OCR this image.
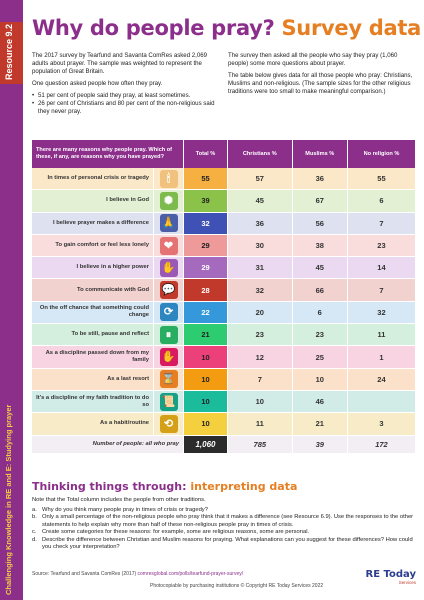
Resource 9.2
Challenging Knowledge in RE and E: Studying prayer
Why do people pray? Survey data

The 2017 survey by Tearfund and Savanta ComRes asked 2,069 adults about prayer. The sample was weighted to represent the population of Great Britain.

One question asked people how often they pray.

• 51 per cent of people said they pray, at least sometimes.
• 26 per cent of Christians and 80 per cent of the non-religious said they never pray.

The survey then asked all the people who say they pray (1,060 people) some more questions about prayer.

The table below gives data for all those people who pray: Christians, Muslims and non-religious. (The sample sizes for the other religious traditions were too small to make meaningful comparison.)

There are many reasons why people pray. Which of these, if any, are reasons why you have prayed?		Total %	Christians %	Muslims %	No religion %
In times of personal crisis or tragedy	🕯	55	57	36	55
I believe in God	✺	39	45	67	6
I believe prayer makes a difference	🙏	32	36	56	7
To gain comfort or feel less lonely	❤	29	30	38	23
I believe in a higher power	✋	29	31	45	14
To communicate with God	💬	28	32	66	7
On the off chance that something could change	⟳	22	20	6	32
To be still, pause and reflect	⏸	21	23	23	11
As a discipline passed down from my family	✋	10	12	25	1
As a last resort	⌛	10	7	10	24
It's a discipline of my faith tradition to do so	📜	10	10	46	
As a habit/routine	⟲	10	11	21	3
Number of people: all who pray		1,060	785	39	172
Thinking things through: interpreting data

Note that the Total column includes the people from other traditions.

a. Why do you think many people pray in times of crisis or tragedy?
b. Only a small percentage of the non-religious people who pray think that it makes a difference (see Resource 6.9). Use the responses to the other statements to help explain why more than half of these non-religious people pray in times of crisis.
c. Create some categories for these reasons: for example, some are religious reasons, some are personal.
d. Describe the difference between Christian and Muslim reasons for praying. What explanations can you suggest for these differences? How could you check your interpretation?
Source: Tearfund and Savanta ComRes (2017) comresglobal.com/polls/tearfund-prayer-survey/
Photocopiable by purchasing institutions © Copyright RE Today Services 2022
RE Today
Services
